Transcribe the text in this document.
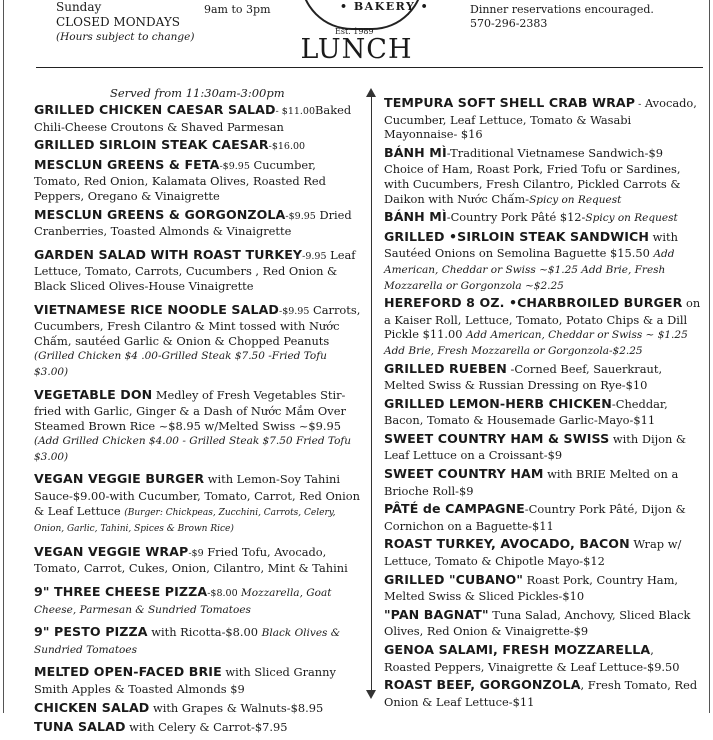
Sunday
CLOSED MONDAYS
(Hours subject to change)
9am to 3pm	• BAKERY •
Est. 1989
Dinner reservations encouraged.
570-296-2383
LUNCH
Served from 11:30am-3:00pm
GRILLED CHICKEN CAESAR SALAD- $11.00Baked Chili-Cheese Croutons & Shaved Parmesan
GRILLED SIRLOIN STEAK CAESAR-$16.00
MESCLUN GREENS & FETA-$9.95 Cucumber, Tomato, Red Onion, Kalamata Olives, Roasted Red Peppers, Oregano & Vinaigrette
MESCLUN GREENS & GORGONZOLA-$9.95 Dried Cranberries, Toasted Almonds & Vinaigrette
GARDEN SALAD WITH ROAST TURKEY-9.95 Leaf Lettuce, Tomato, Carrots, Cucumbers , Red Onion & Black Sliced Olives-House Vinaigrette
VIETNAMESE RICE NOODLE SALAD-$9.95 Carrots, Cucumbers, Fresh Cilantro & Mint tossed with Nước Chấm, sautéed Garlic & Onion & Chopped Peanuts (Grilled Chicken $4 .00-Grilled Steak $7.50 -Fried Tofu $3.00)
VEGETABLE DON Medley of Fresh Vegetables Stir-fried with Garlic, Ginger & a Dash of Nước Mắm Over Steamed Brown Rice ~$8.95 w/Melted Swiss ~$9.95 (Add Grilled Chicken $4.00 - Grilled Steak $7.50 Fried Tofu $3.00)
VEGAN VEGGIE BURGER with Lemon-Soy Tahini Sauce-$9.00-with Cucumber, Tomato, Carrot, Red Onion & Leaf Lettuce (Burger: Chickpeas, Zucchini, Carrots, Celery, Onion, Garlic, Tahini, Spices & Brown Rice)
VEGAN VEGGIE WRAP-$9 Fried Tofu, Avocado, Tomato, Carrot, Cukes, Onion, Cilantro, Mint & Tahini
9" THREE CHEESE PIZZA-$8.00 Mozzarella, Goat Cheese, Parmesan & Sundried Tomatoes
9" PESTO PIZZA with Ricotta-$8.00 Black Olives & Sundried Tomatoes
MELTED OPEN-FACED BRIE with Sliced Granny Smith Apples & Toasted Almonds $9
CHICKEN SALAD with Grapes & Walnuts-$8.95
TUNA SALAD with Celery & Carrot-$7.95
TEMPURA SOFT SHELL CRAB WRAP - Avocado, Cucumber, Leaf Lettuce, Tomato & Wasabi Mayonnaise- $16
BÁNH MÌ-Traditional Vietnamese Sandwich-$9 Choice of Ham, Roast Pork, Fried Tofu or Sardines, with Cucumbers, Fresh Cilantro, Pickled Carrots & Daikon with Nước Chấm-Spicy on Request
BÁNH MÌ-Country Pork Pâté $12-Spicy on Request
GRILLED •SIRLOIN STEAK SANDWICH with Sautéed Onions on Semolina Baguette $15.50 Add American, Cheddar or Swiss ~$1.25 Add Brie, Fresh Mozzarella or Gorgonzola ~$2.25
HEREFORD 8 OZ. •CHARBROILED BURGER on a Kaiser Roll, Lettuce, Tomato, Potato Chips & a Dill Pickle $11.00 Add American, Cheddar or Swiss ~ $1.25 Add Brie, Fresh Mozzarella or Gorgonzola-$2.25
GRILLED RUEBEN -Corned Beef, Sauerkraut, Melted Swiss & Russian Dressing on Rye-$10
GRILLED LEMON-HERB CHICKEN-Cheddar, Bacon, Tomato & Housemade Garlic-Mayo-$11
SWEET COUNTRY HAM & SWISS with Dijon & Leaf Lettuce on a Croissant-$9
SWEET COUNTRY HAM with BRIE Melted on a Brioche Roll-$9
PÂTÉ de CAMPAGNE-Country Pork Pâté, Dijon & Cornichon on a Baguette-$11
ROAST TURKEY, AVOCADO, BACON Wrap w/ Lettuce, Tomato & Chipotle Mayo-$12
GRILLED "CUBANO" Roast Pork, Country Ham, Melted Swiss & Sliced Pickles-$10
"PAN BAGNAT" Tuna Salad, Anchovy, Sliced Black Olives, Red Onion & Vinaigrette-$9
GENOA SALAMI, FRESH MOZZARELLA, Roasted Peppers, Vinaigrette & Leaf Lettuce-$9.50
ROAST BEEF, GORGONZOLA, Fresh Tomato, Red Onion & Leaf Lettuce-$11
